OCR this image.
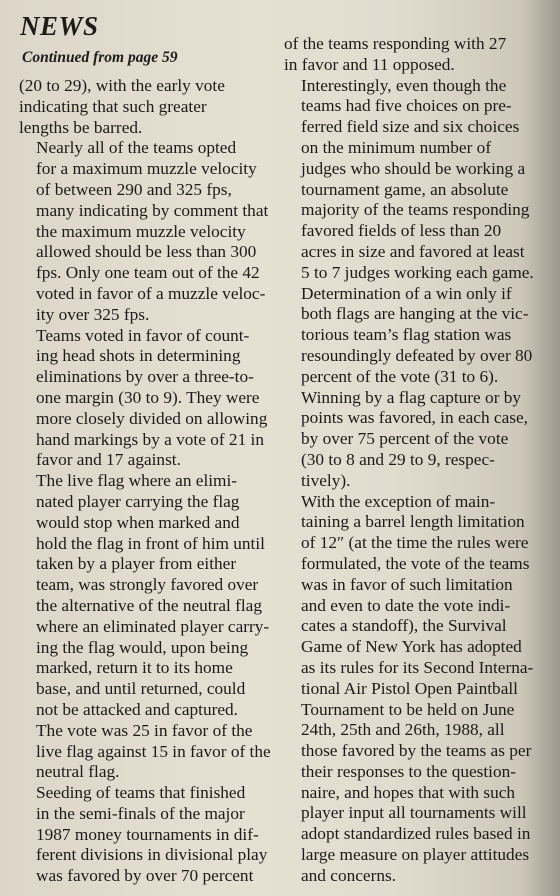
NEWS
Continued from page 59

(20 to 29), with the early vote
indicating that such greater
lengths be barred.

Nearly all of the teams opted
for a maximum muzzle velocity
of between 290 and 325 fps,
many indicating by comment that
the maximum muzzle velocity
allowed should be less than 300
fps. Only one team out of the 42
voted in favor of a muzzle veloc-
ity over 325 fps.

Teams voted in favor of count-
ing head shots in determining
eliminations by over a three-to-
one margin (30 to 9). They were
more closely divided on allowing
hand markings by a vote of 21 in
favor and 17 against.

The live flag where an elimi-
nated player carrying the flag
would stop when marked and
hold the flag in front of him until
taken by a player from either
team, was strongly favored over
the alternative of the neutral flag
where an eliminated player carry-
ing the flag would, upon being
marked, return it to its home
base, and until returned, could
not be attacked and captured.
The vote was 25 in favor of the
live flag against 15 in favor of the
neutral flag.

Seeding of teams that finished
in the semi-finals of the major
1987 money tournaments in dif-
ferent divisions in divisional play
was favored by over 70 percent

of the teams responding with 27
in favor and 11 opposed.

Interestingly, even though the
teams had five choices on pre-
ferred field size and six choices
on the minimum number of
judges who should be working a
tournament game, an absolute
majority of the teams responding
favored fields of less than 20
acres in size and favored at least
5 to 7 judges working each game.

Determination of a win only if
both flags are hanging at the vic-
torious team’s flag station was
resoundingly defeated by over 80
percent of the vote (31 to 6).
Winning by a flag capture or by
points was favored, in each case,
by over 75 percent of the vote
(30 to 8 and 29 to 9, respec-
tively).

With the exception of main-
taining a barrel length limitation
of 12″ (at the time the rules were
formulated, the vote of the teams
was in favor of such limitation
and even to date the vote indi-
cates a standoff), the Survival
Game of New York has adopted
as its rules for its Second Interna-
tional Air Pistol Open Paintball
Tournament to be held on June
24th, 25th and 26th, 1988, all
those favored by the teams as per
their responses to the question-
naire, and hopes that with such
player input all tournaments will
adopt standardized rules based in
large measure on player attitudes
and concerns.
